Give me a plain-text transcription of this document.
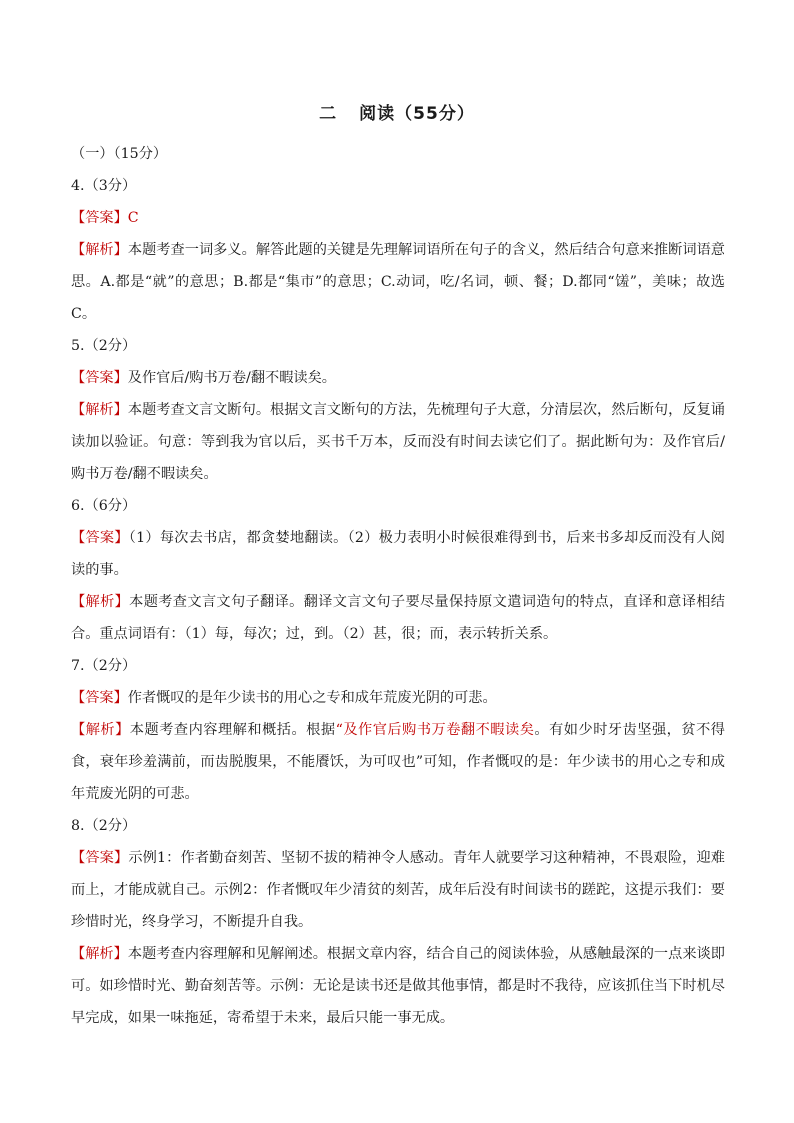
二 阅读（55分）
（一）（15分）
4.（3分）
【答案】C
【解析】本题考查一词多义。解答此题的关键是先理解词语所在句子的含义，然后结合句意来推断词语意思。A.都是“就”的意思；B.都是“集市”的意思；C.动词，吃/名词，顿、餐；D.都同“馐”，美味；故选C。
5.（2分）
【答案】及作官后/购书万卷/翻不暇读矣。
【解析】本题考查文言文断句。根据文言文断句的方法，先梳理句子大意，分清层次，然后断句，反复诵读加以验证。句意：等到我为官以后，买书千万本，反而没有时间去读它们了。据此断句为：及作官后/购书万卷/翻不暇读矣。
6.（6分）
【答案】（1）每次去书店，都贪婪地翻读。（2）极力表明小时候很难得到书，后来书多却反而没有人阅读的事。
【解析】本题考查文言文句子翻译。翻译文言文句子要尽量保持原文遣词造句的特点，直译和意译相结合。重点词语有：（1）每，每次；过，到。（2）甚，很；而，表示转折关系。
7.（2分）
【答案】作者慨叹的是年少读书的用心之专和成年荒废光阴的可悲。
【解析】本题考查内容理解和概括。根据“及作官后购书万卷翻不暇读矣。有如少时牙齿坚强，贫不得食，衰年珍羞满前，而齿脱腹果，不能餍饫，为可叹也”可知，作者慨叹的是：年少读书的用心之专和成年荒废光阴的可悲。
8.（2分）
【答案】示例1：作者勤奋刻苦、坚韧不拔的精神令人感动。青年人就要学习这种精神，不畏艰险，迎难而上，才能成就自己。示例2：作者慨叹年少清贫的刻苦，成年后没有时间读书的蹉跎，这提示我们：要珍惜时光，终身学习，不断提升自我。
【解析】本题考查内容理解和见解阐述。根据文章内容，结合自己的阅读体验，从感触最深的一点来谈即可。如珍惜时光、勤奋刻苦等。示例：无论是读书还是做其他事情，都是时不我待，应该抓住当下时机尽早完成，如果一味拖延，寄希望于未来，最后只能一事无成。
